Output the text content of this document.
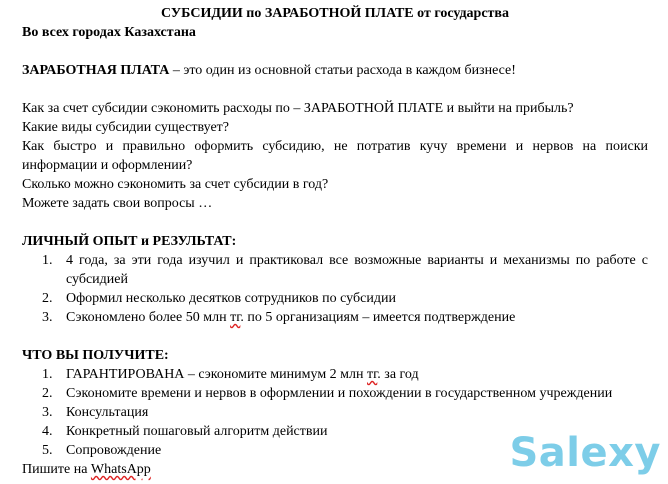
СУБСИДИИ по ЗАРАБОТНОЙ ПЛАТЕ от государства
Во всех городах Казахстана
ЗАРАБОТНАЯ ПЛАТА – это один из основной статьи расхода в каждом бизнесе!
Как за счет субсидии сэкономить расходы по – ЗАРАБОТНОЙ ПЛАТЕ и выйти на прибыль?
Какие виды субсидии существует?
Как быстро и правильно оформить субсидию, не потратив кучу времени и нервов на поиски информации и оформлении?
Сколько можно сэкономить за счет субсидии в год?
Можете задать свои вопросы …
ЛИЧНЫЙ ОПЫТ и РЕЗУЛЬТАТ:
1. 4 года, за эти года изучил и практиковал все возможные варианты и механизмы по работе с субсидией
2. Оформил несколько десятков сотрудников по субсидии
3. Сэкономлено более 50 млн тг. по 5 организациям – имеется подтверждение
ЧТО ВЫ ПОЛУЧИТЕ:
1. ГАРАНТИРОВАНА – сэкономите минимум 2 млн тг. за год
2. Сэкономите времени и нервов в оформлении и похождении в государственном учреждении
3. Консультация
4. Конкретный пошаговый алгоритм действии
5. Сопровождение
Пишите на WhatsApp	Salexy
